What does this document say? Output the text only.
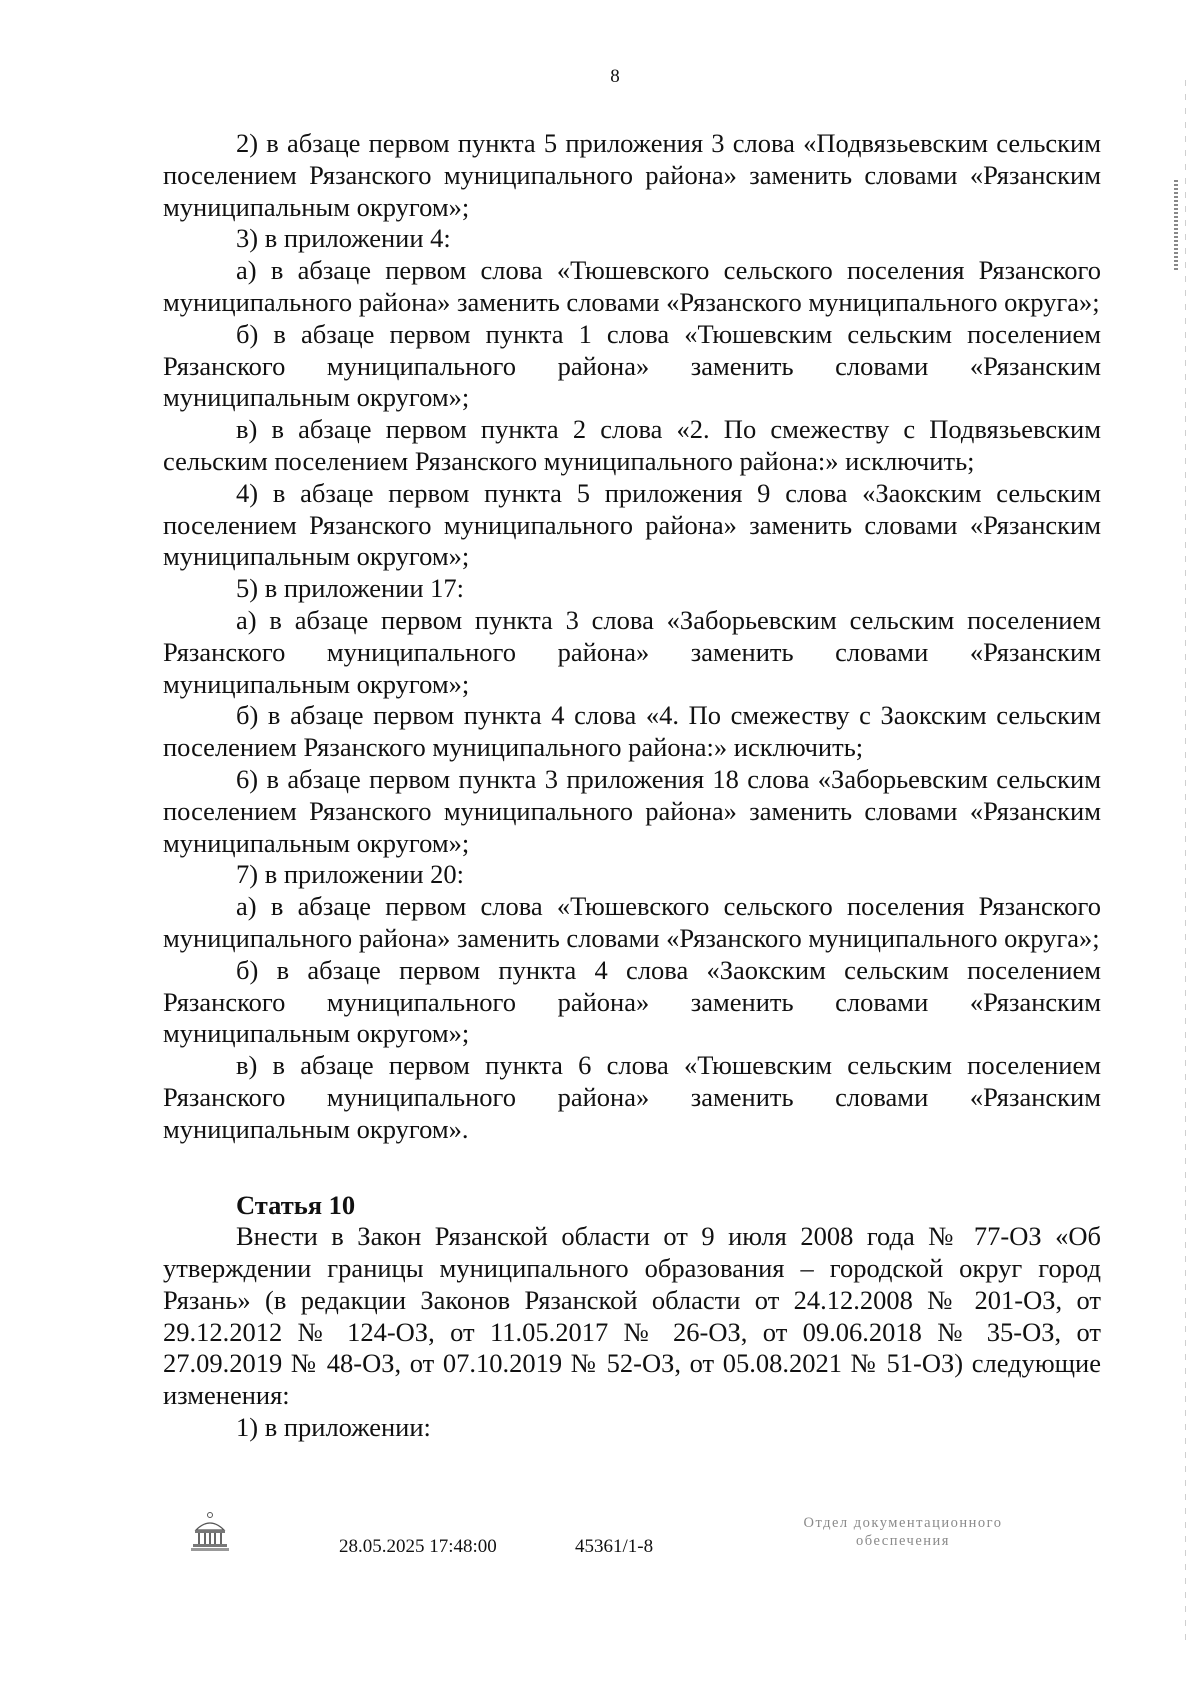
8

2) в абзаце первом пункта 5 приложения 3 слова «Подвязьевским сельским поселением Рязанского муниципального района» заменить словами «Рязанским муниципальным округом»;

3) в приложении 4:

а) в абзаце первом слова «Тюшевского сельского поселения Рязанского муниципального района» заменить словами «Рязанского муниципального округа»;

б) в абзаце первом пункта 1 слова «Тюшевским сельским поселением Рязанского муниципального района» заменить словами «Рязанским муниципальным округом»;

в) в абзаце первом пункта 2 слова «2. По смежеству с Подвязьевским сельским поселением Рязанского муниципального района:» исключить;

4) в абзаце первом пункта 5 приложения 9 слова «Заокским сельским поселением Рязанского муниципального района» заменить словами «Рязанским муниципальным округом»;

5) в приложении 17:

а) в абзаце первом пункта 3 слова «Заборьевским сельским поселением Рязанского муниципального района» заменить словами «Рязанским муниципальным округом»;

б) в абзаце первом пункта 4 слова «4. По смежеству с Заокским сельским поселением Рязанского муниципального района:» исключить;

6) в абзаце первом пункта 3 приложения 18 слова «Заборьевским сельским поселением Рязанского муниципального района» заменить словами «Рязанским муниципальным округом»;

7) в приложении 20:

а) в абзаце первом слова «Тюшевского сельского поселения Рязанского муниципального района» заменить словами «Рязанского муниципального округа»;

б) в абзаце первом пункта 4 слова «Заокским сельским поселением Рязанского муниципального района» заменить словами «Рязанским муниципальным округом»;

в) в абзаце первом пункта 6 слова «Тюшевским сельским поселением Рязанского муниципального района» заменить словами «Рязанским муниципальным округом».

Статья 10

Внести в Закон Рязанской области от 9 июля 2008 года № 77-ОЗ «Об утверждении границы муниципального образования – городской округ город Рязань» (в редакции Законов Рязанской области от 24.12.2008 № 201-ОЗ, от 29.12.2012 № 124-ОЗ, от 11.05.2017 № 26-ОЗ, от 09.06.2018 № 35-ОЗ, от 27.09.2019 № 48-ОЗ, от 07.10.2019 № 52-ОЗ, от 05.08.2021 № 51-ОЗ) следующие изменения:

1) в приложении:

28.05.2025 17:48:00	45361/1-8
Отдел документационного
обеспечения
